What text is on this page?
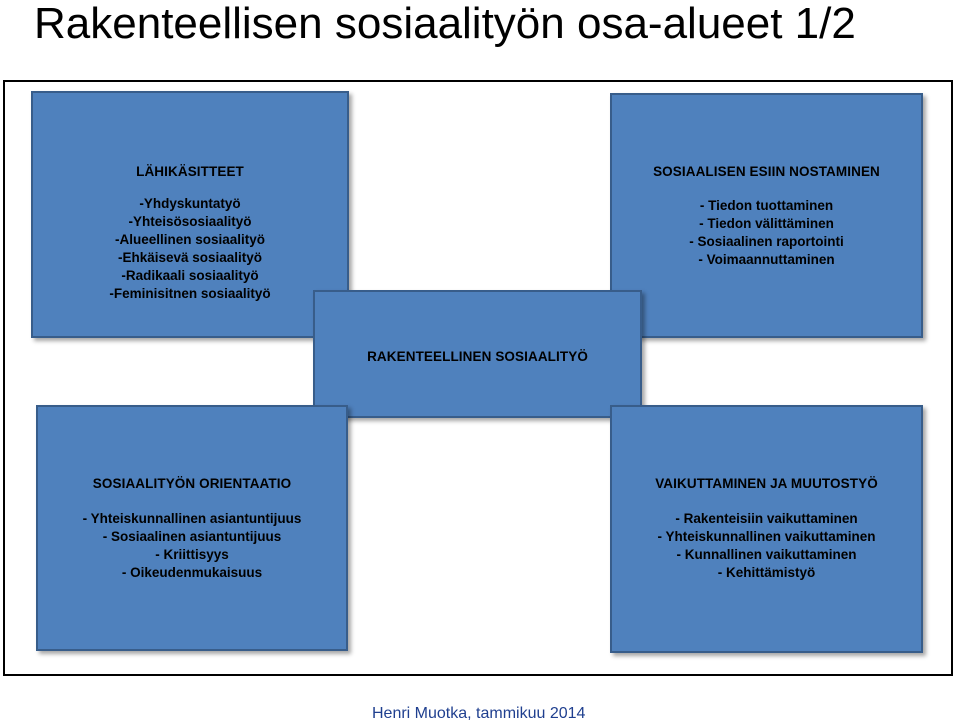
Rakenteellisen sosiaalityön osa-alueet 1/2
LÄHIKÄSITTEET
-Yhdyskuntatyö
-Yhteisösosiaalityö
-Alueellinen sosiaalityö
-Ehkäisevä sosiaalityö
-Radikaali sosiaalityö
-Feminisitnen sosiaalityö
SOSIAALISEN ESIIN NOSTAMINEN
- Tiedon tuottaminen
- Tiedon välittäminen
- Sosiaalinen raportointi
- Voimaannuttaminen
RAKENTEELLINEN SOSIAALITYÖ
SOSIAALITYÖN ORIENTAATIO
- Yhteiskunnallinen asiantuntijuus
- Sosiaalinen asiantuntijuus
- Kriittisyys
- Oikeudenmukaisuus
VAIKUTTAMINEN JA MUUTOSTYÖ
- Rakenteisiin vaikuttaminen
- Yhteiskunnallinen vaikuttaminen
- Kunnallinen vaikuttaminen
- Kehittämistyö
Henri Muotka, tammikuu 2014
